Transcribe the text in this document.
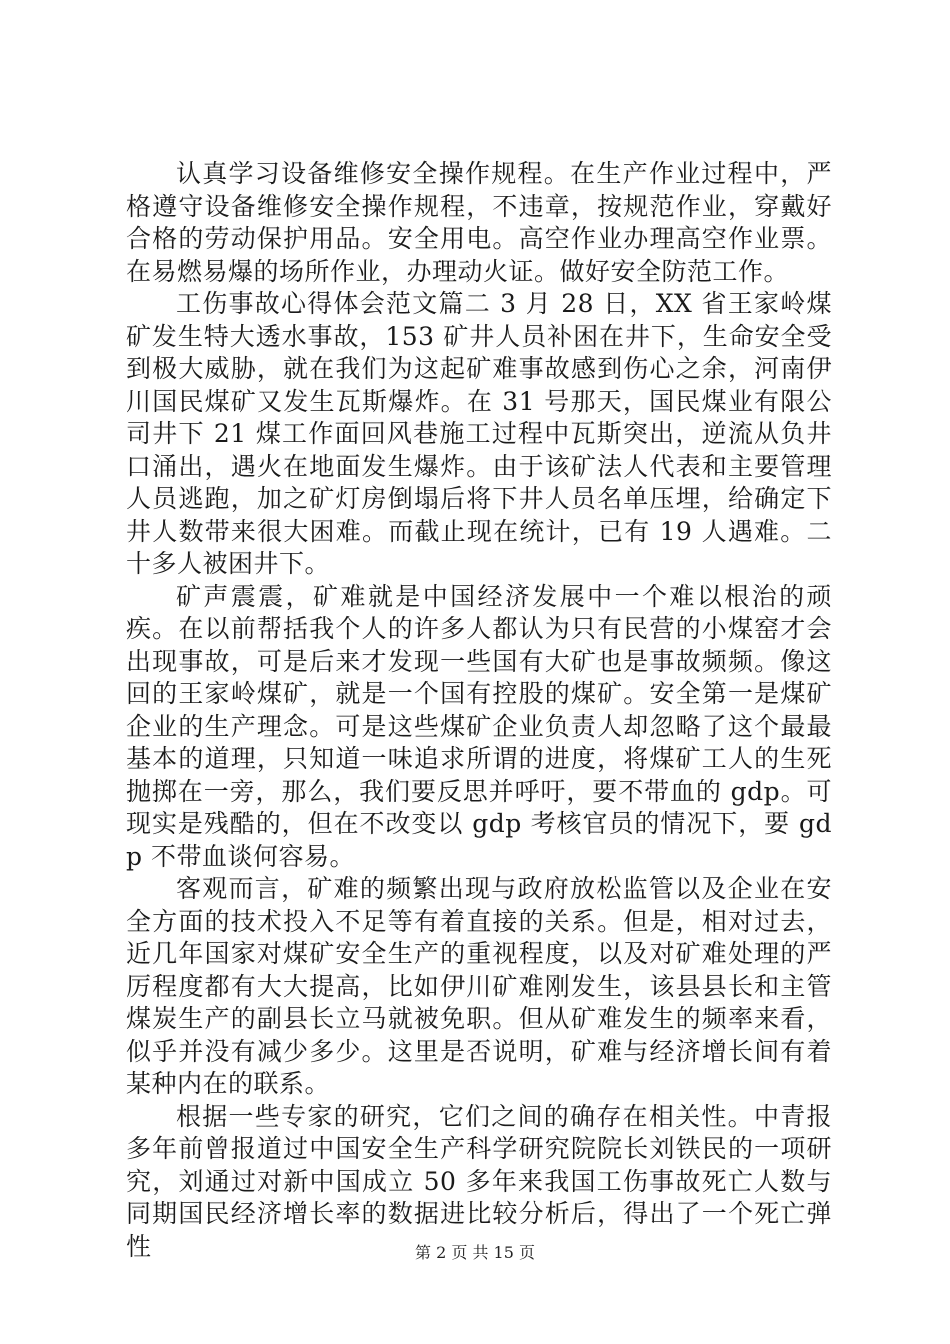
认真学习设备维修安全操作规程。在生产作业过程中，严格遵守设备维修安全操作规程，不违章，按规范作业，穿戴好合格的劳动保护用品。安全用电。高空作业办理高空作业票。在易燃易爆的场所作业，办理动火证。做好安全防范工作。

工伤事故心得体会范文篇二 3 月 28 日，XX 省王家岭煤矿发生特大透水事故，153 矿井人员补困在井下，生命安全受到极大威胁，就在我们为这起矿难事故感到伤心之余，河南伊川国民煤矿又发生瓦斯爆炸。在 31 号那天，国民煤业有限公司井下 21 煤工作面回风巷施工过程中瓦斯突出，逆流从负井口涌出，遇火在地面发生爆炸。由于该矿法人代表和主要管理人员逃跑，加之矿灯房倒塌后将下井人员名单压埋，给确定下井人数带来很大困难。而截止现在统计，已有 19 人遇难。二十多人被困井下。

矿声震震，矿难就是中国经济发展中一个难以根治的顽疾。在以前帮括我个人的许多人都认为只有民营的小煤窑才会出现事故，可是后来才发现一些国有大矿也是事故频频。像这回的王家岭煤矿，就是一个国有控股的煤矿。安全第一是煤矿企业的生产理念。可是这些煤矿企业负责人却忽略了这个最最基本的道理，只知道一味追求所谓的进度，将煤矿工人的生死抛掷在一旁，那么，我们要反思并呼吁，要不带血的 gdp。可现实是残酷的，但在不改变以 gdp 考核官员的情况下，要 gdp 不带血谈何容易。

客观而言，矿难的频繁出现与政府放松监管以及企业在安全方面的技术投入不足等有着直接的关系。但是，相对过去，近几年国家对煤矿安全生产的重视程度，以及对矿难处理的严厉程度都有大大提高，比如伊川矿难刚发生，该县县长和主管煤炭生产的副县长立马就被免职。但从矿难发生的频率来看，似乎并没有减少多少。这里是否说明，矿难与经济增长间有着某种内在的联系。

根据一些专家的研究，它们之间的确存在相关性。中青报多年前曾报道过中国安全生产科学研究院院长刘铁民的一项研究，刘通过对新中国成立 50 多年来我国工伤事故死亡人数与同期国民经济增长率的数据进比较分析后，得出了一个死亡弹性	第 2 页 共 15 页
